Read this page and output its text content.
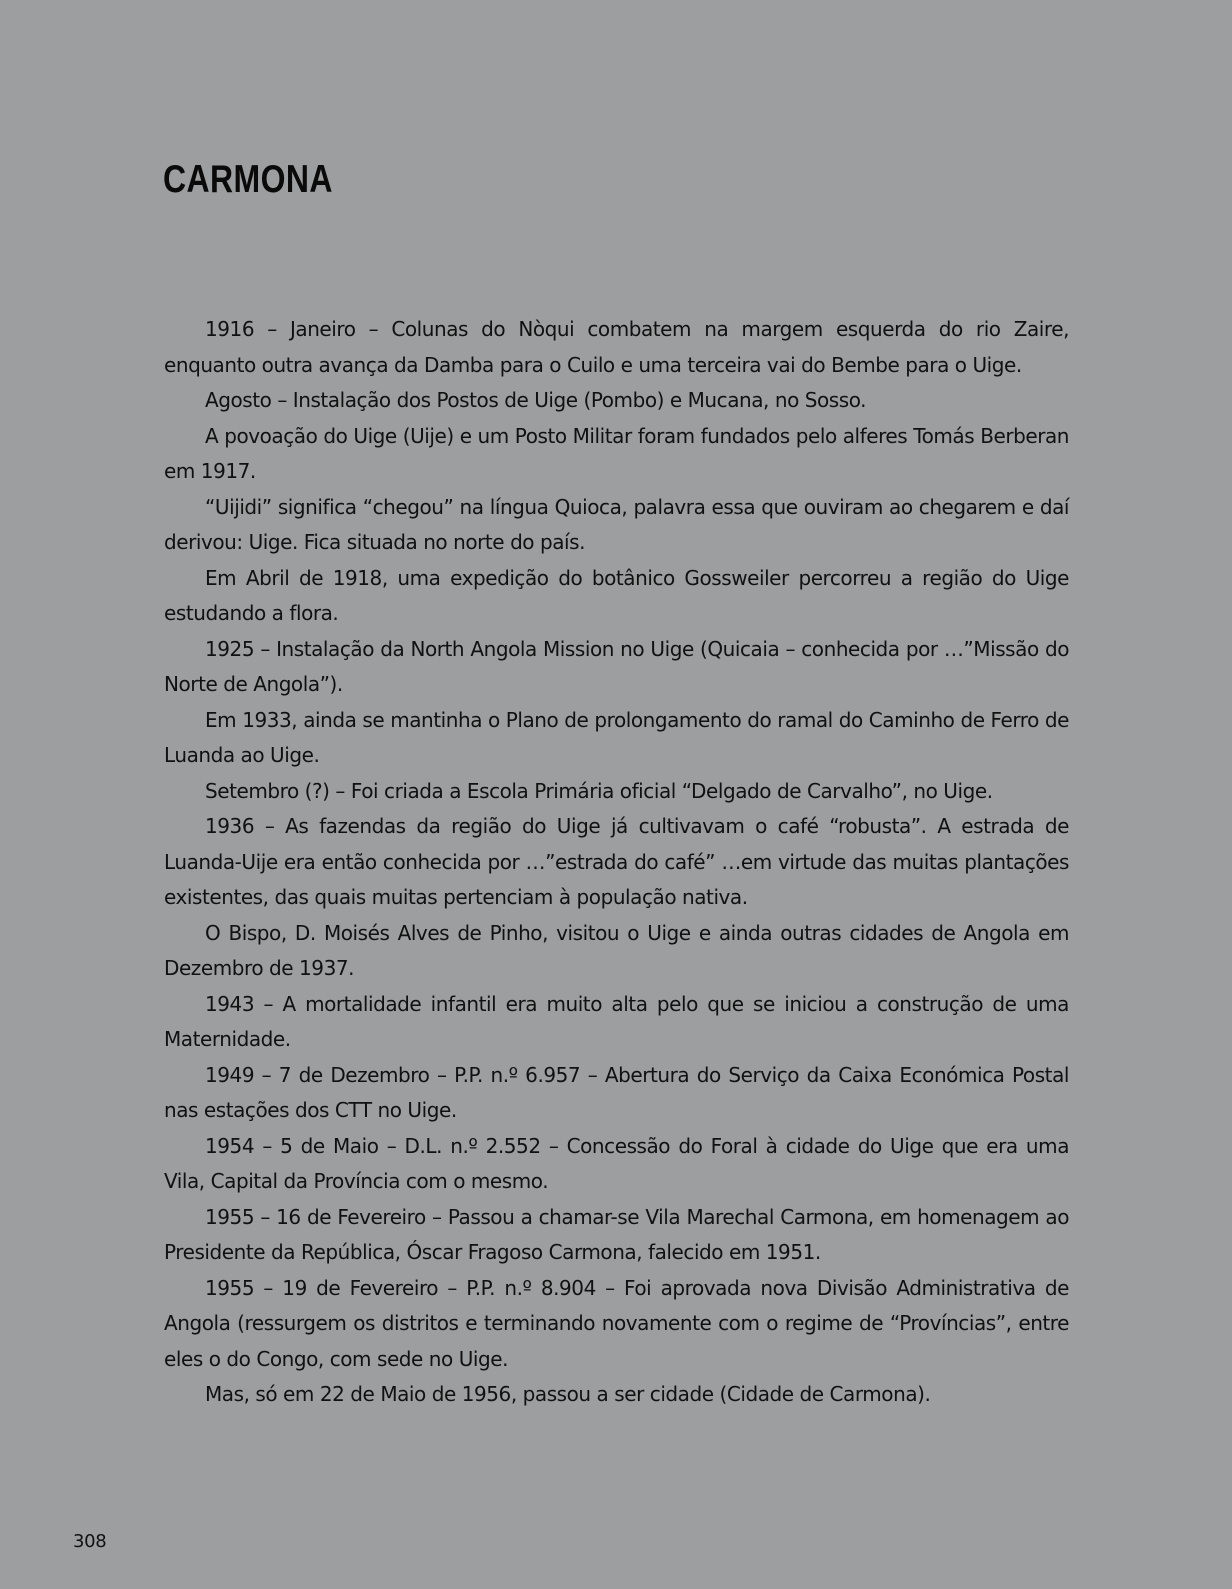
CARMONA

1916 – Janeiro – Colunas do Nòqui combatem na margem esquerda do rio Zaire, enquanto outra avança da Damba para o Cuilo e uma terceira vai do Bembe para o Uige.

Agosto – Instalação dos Postos de Uige (Pombo) e Mucana, no Sosso.

A povoação do Uige (Uije) e um Posto Militar foram fundados pelo alferes Tomás Berberan em 1917.

“Uijidi” significa “chegou” na língua Quioca, palavra essa que ouviram ao chegarem e daí derivou: Uige. Fica situada no norte do país.

Em Abril de 1918, uma expedição do botânico Gossweiler percorreu a região do Uige estudando a flora.

1925 – Instalação da North Angola Mission no Uige (Quicaia – conhecida por …”Missão do Norte de Angola”).

Em 1933, ainda se mantinha o Plano de prolongamento do ramal do Caminho de Ferro de Luanda ao Uige.

Setembro (?) – Foi criada a Escola Primária oficial “Delgado de Carvalho”, no Uige.

1936 – As fazendas da região do Uige já cultivavam o café “robusta”. A estrada de Luanda-Uije era então conhecida por …”estrada do café” …em virtude das muitas plantações existentes, das quais muitas pertenciam à população nativa.

O Bispo, D. Moisés Alves de Pinho, visitou o Uige e ainda outras cidades de Angola em Dezembro de 1937.

1943 – A mortalidade infantil era muito alta pelo que se iniciou a construção de uma Maternidade.

1949 – 7 de Dezembro – P.P. n.º 6.957 – Abertura do Serviço da Caixa Económica Postal nas estações dos CTT no Uige.

1954 – 5 de Maio – D.L. n.º 2.552 – Concessão do Foral à cidade do Uige que era uma Vila, Capital da Província com o mesmo.

1955 – 16 de Fevereiro – Passou a chamar-se Vila Marechal Carmona, em homenagem ao Presidente da República, Óscar Fragoso Carmona, falecido em 1951.

1955 – 19 de Fevereiro – P.P. n.º 8.904 – Foi aprovada nova Divisão Administrativa de Angola (ressurgem os distritos e terminando novamente com o regime de “Províncias”, entre eles o do Congo, com sede no Uige.

Mas, só em 22 de Maio de 1956, passou a ser cidade (Cidade de Carmona).

308
